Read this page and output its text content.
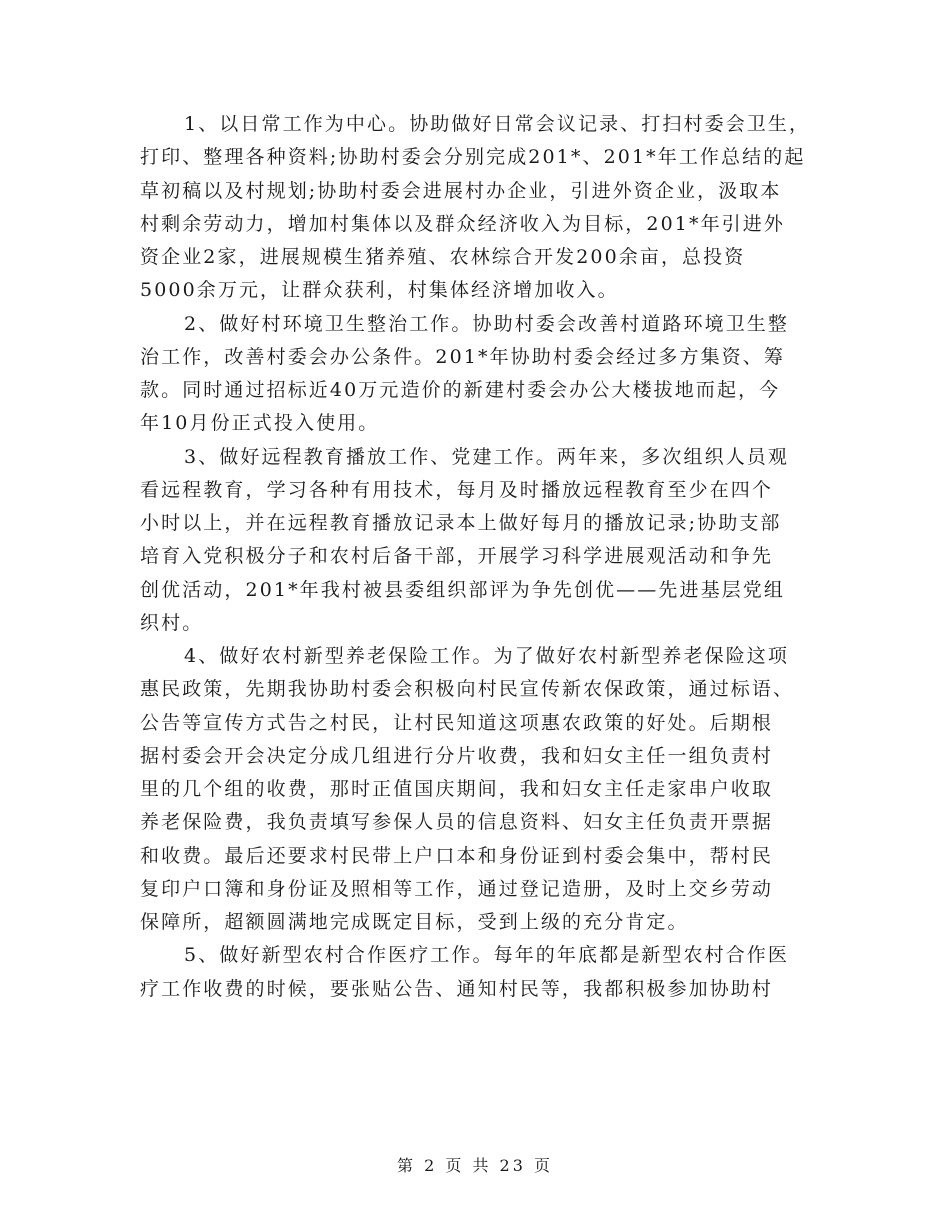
1、以日常工作为中心。协助做好日常会议记录、打扫村委会卫生，
打印、整理各种资料;协助村委会分别完成201*、201*年工作总结的起
草初稿以及村规划;协助村委会进展村办企业，引进外资企业，汲取本
村剩余劳动力，增加村集体以及群众经济收入为目标，201*年引进外
资企业2家，进展规模生猪养殖、农林综合开发200余亩，总投资
5000余万元，让群众获利，村集体经济增加收入。
2、做好村环境卫生整治工作。协助村委会改善村道路环境卫生整
治工作，改善村委会办公条件。201*年协助村委会经过多方集资、筹
款。同时通过招标近40万元造价的新建村委会办公大楼拔地而起，今
年10月份正式投入使用。
3、做好远程教育播放工作、党建工作。两年来，多次组织人员观
看远程教育，学习各种有用技术，每月及时播放远程教育至少在四个
小时以上，并在远程教育播放记录本上做好每月的播放记录;协助支部
培育入党积极分子和农村后备干部，开展学习科学进展观活动和争先
创优活动，201*年我村被县委组织部评为争先创优——先进基层党组
织村。
4、做好农村新型养老保险工作。为了做好农村新型养老保险这项
惠民政策，先期我协助村委会积极向村民宣传新农保政策，通过标语、
公告等宣传方式告之村民，让村民知道这项惠农政策的好处。后期根
据村委会开会决定分成几组进行分片收费，我和妇女主任一组负责村
里的几个组的收费，那时正值国庆期间，我和妇女主任走家串户收取
养老保险费，我负责填写参保人员的信息资料、妇女主任负责开票据
和收费。最后还要求村民带上户口本和身份证到村委会集中，帮村民
复印户口簿和身份证及照相等工作，通过登记造册，及时上交乡劳动
保障所，超额圆满地完成既定目标，受到上级的充分肯定。
5、做好新型农村合作医疗工作。每年的年底都是新型农村合作医
疗工作收费的时候，要张贴公告、通知村民等，我都积极参加协助村
第 2 页 共 23 页
